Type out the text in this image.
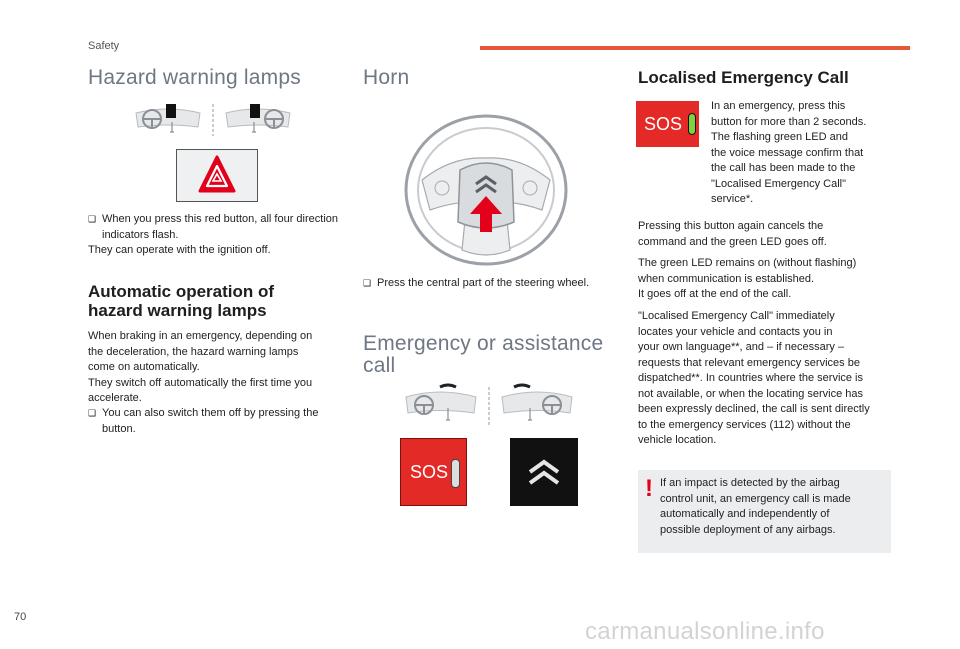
Safety
Hazard warning lamps

❑ When you press this red button, all four direction indicators flash.

They can operate with the ignition off.

Automatic operation of
hazard warning lamps
When braking in an emergency, depending on
the deceleration, the hazard warning lamps
come on automatically.
They switch off automatically the first time you
accelerate.

❑ You can also switch them off by pressing the button.

Horn

❑ Press the central part of the steering wheel.

Emergency or assistance
call
SOS
Localised Emergency Call
SOS
In an emergency, press this
button for more than 2 seconds.
The flashing green LED and
the voice message confirm that
the call has been made to the
"Localised Emergency Call"
service*.
Pressing this button again cancels the
command and the green LED goes off.
The green LED remains on (without flashing)
when communication is established.
It goes off at the end of the call.
"Localised Emergency Call" immediately
locates your vehicle and contacts you in
your own language**, and – if necessary –
requests that relevant emergency services be
dispatched**. In countries where the service is
not available, or when the locating service has
been expressly declined, the call is sent directly
to the emergency services (112) without the
vehicle location.
! If an impact is detected by the airbag
control unit, an emergency call is made
automatically and independently of
possible deployment of any airbags.
70
carmanualsonline.info
